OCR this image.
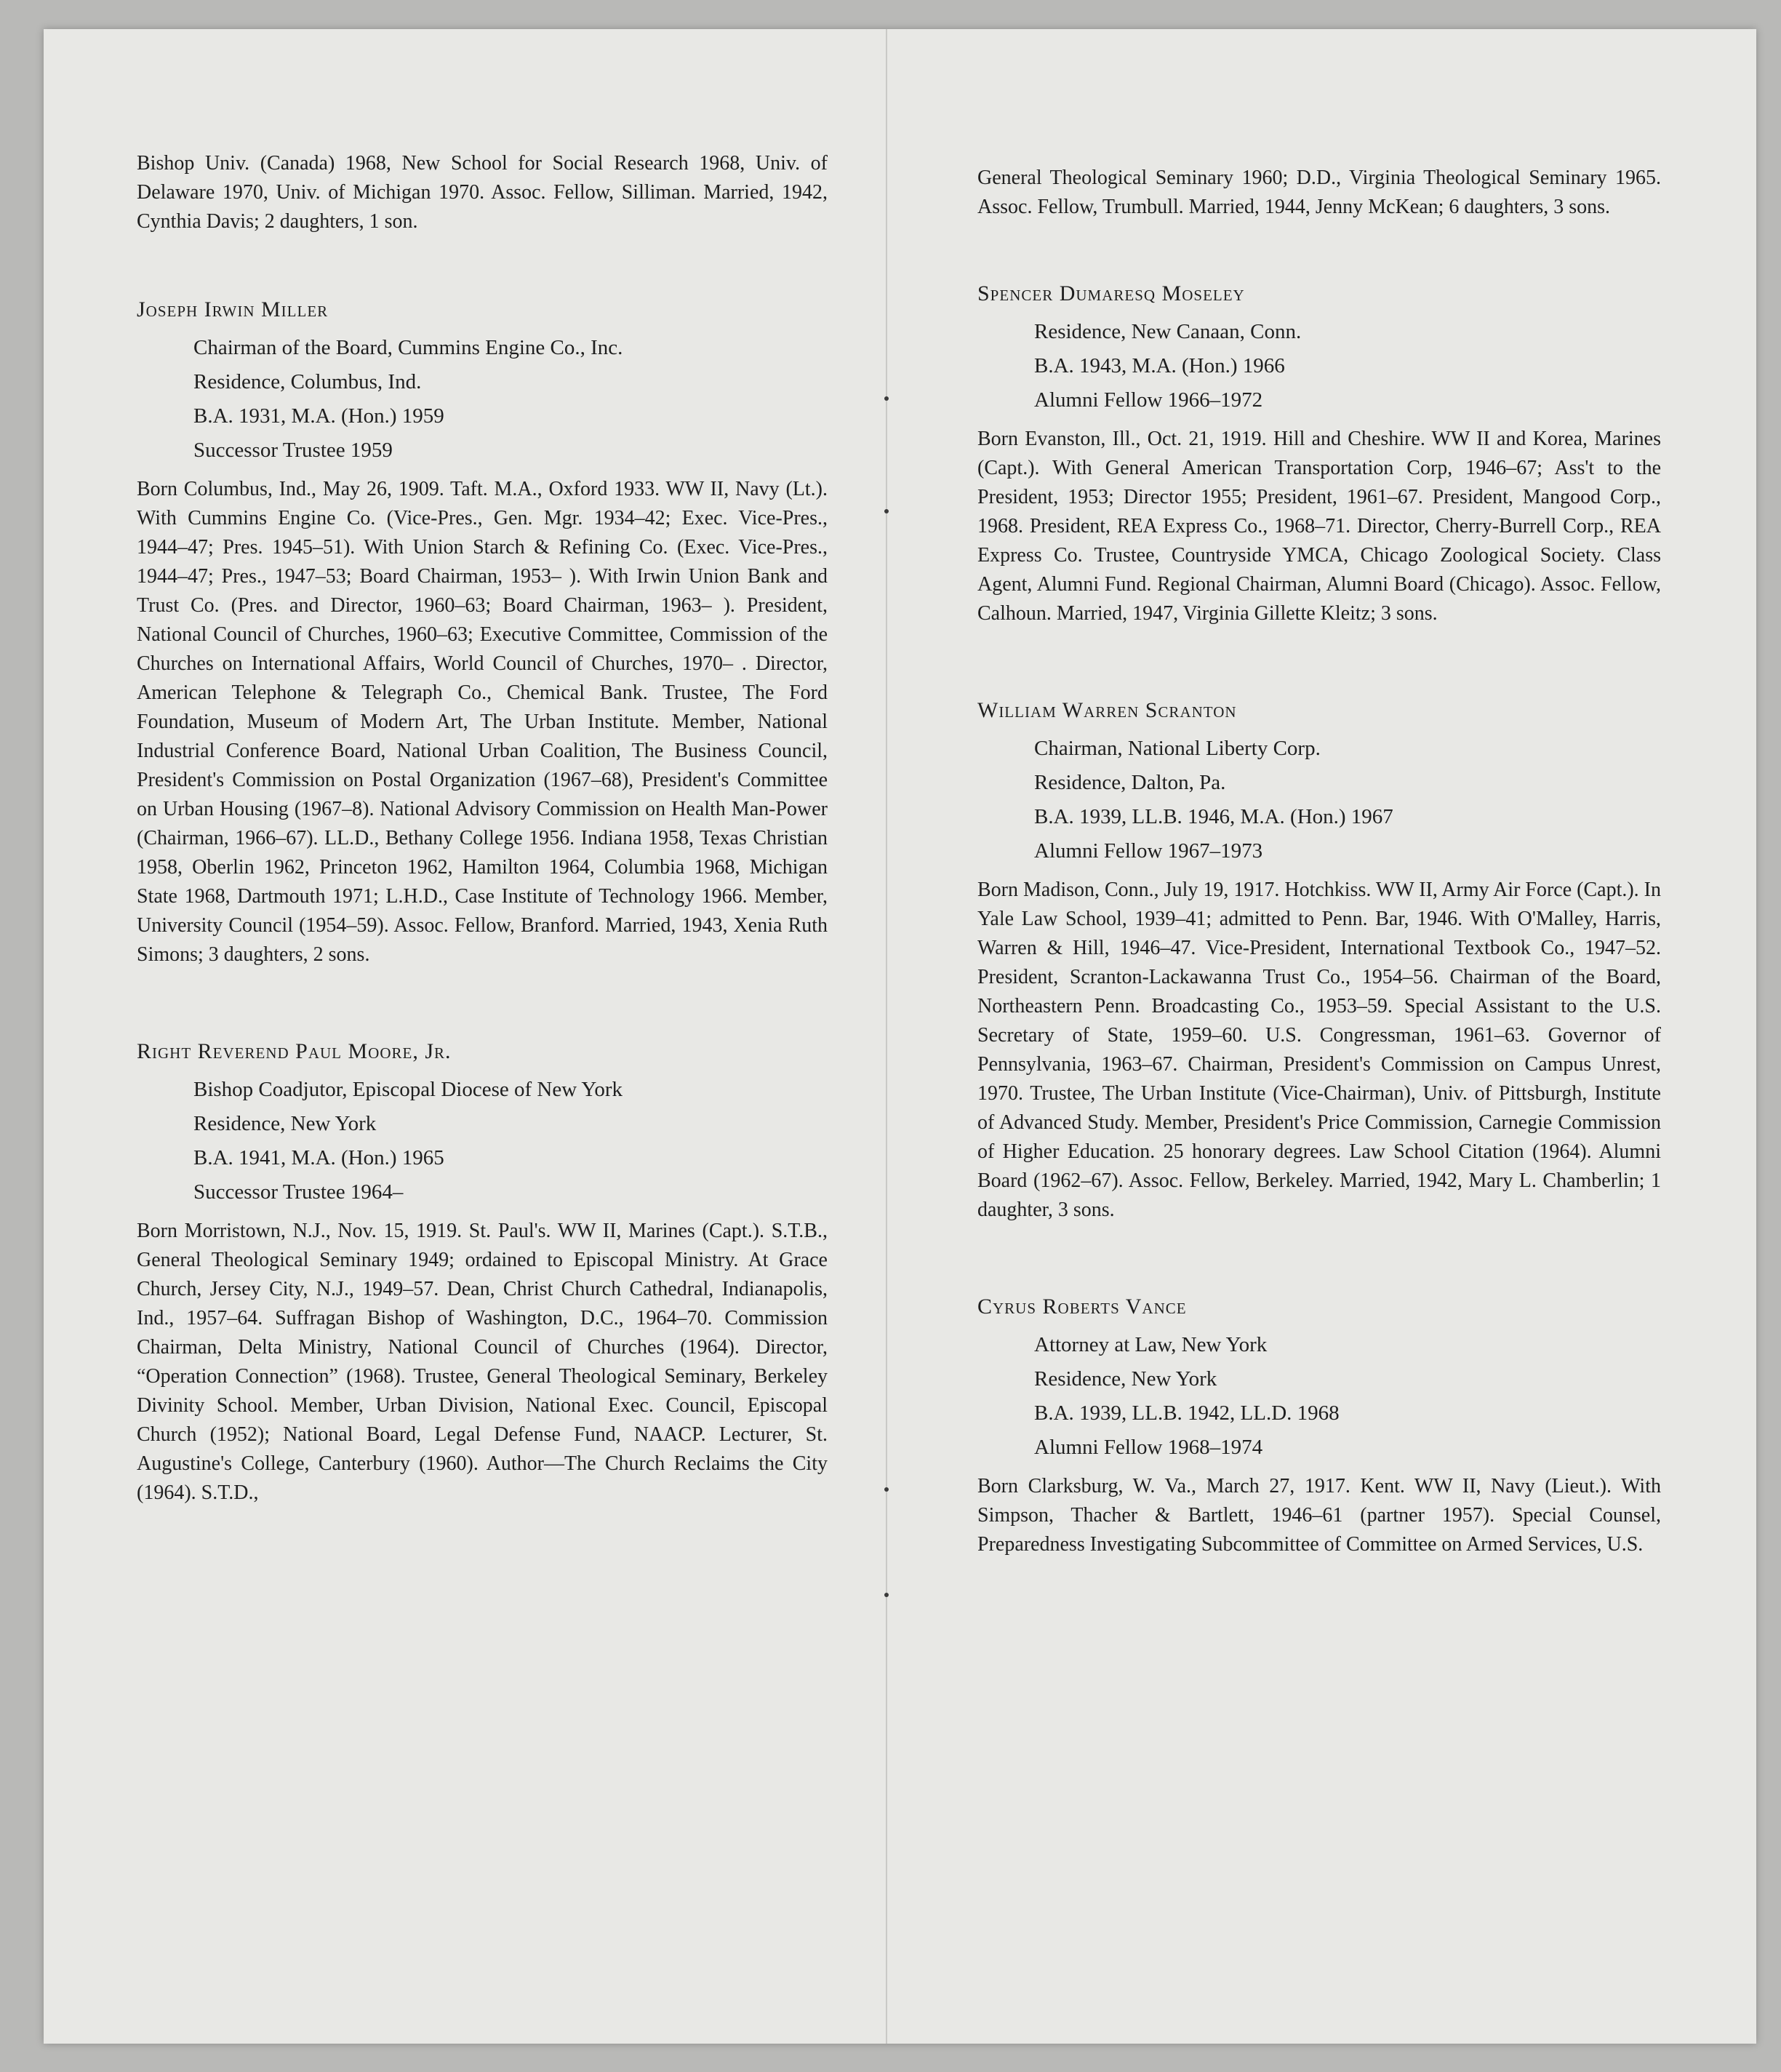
Bishop Univ. (Canada) 1968, New School for Social Research 1968, Univ. of Delaware 1970, Univ. of Michigan 1970. Assoc. Fellow, Silliman. Married, 1942, Cynthia Davis; 2 daughters, 1 son.

Joseph Irwin Miller
Chairman of the Board, Cummins Engine Co., Inc.
Residence, Columbus, Ind.
B.A. 1931, M.A. (Hon.) 1959
Successor Trustee 1959

Born Columbus, Ind., May 26, 1909. Taft. M.A., Oxford 1933. WW II, Navy (Lt.). With Cummins Engine Co. (Vice-Pres., Gen. Mgr. 1934–42; Exec. Vice-Pres., 1944–47; Pres. 1945–51). With Union Starch & Refining Co. (Exec. Vice-Pres., 1944–47; Pres., 1947–53; Board Chairman, 1953– ). With Irwin Union Bank and Trust Co. (Pres. and Director, 1960–63; Board Chairman, 1963– ). President, National Council of Churches, 1960–63; Executive Committee, Commission of the Churches on International Affairs, World Council of Churches, 1970– . Director, American Telephone & Telegraph Co., Chemical Bank. Trustee, The Ford Foundation, Museum of Modern Art, The Urban Institute. Member, National Industrial Conference Board, National Urban Coalition, The Business Council, President's Commission on Postal Organization (1967–68), President's Committee on Urban Housing (1967–8). National Advisory Commission on Health Man-Power (Chairman, 1966–67). LL.D., Bethany College 1956. Indiana 1958, Texas Christian 1958, Oberlin 1962, Princeton 1962, Hamilton 1964, Columbia 1968, Michigan State 1968, Dartmouth 1971; L.H.D., Case Institute of Technology 1966. Member, University Council (1954–59). Assoc. Fellow, Branford. Married, 1943, Xenia Ruth Simons; 3 daughters, 2 sons.

Right Reverend Paul Moore, Jr.
Bishop Coadjutor, Episcopal Diocese of New York
Residence, New York
B.A. 1941, M.A. (Hon.) 1965
Successor Trustee 1964–

Born Morristown, N.J., Nov. 15, 1919. St. Paul's. WW II, Marines (Capt.). S.T.B., General Theological Seminary 1949; ordained to Episcopal Ministry. At Grace Church, Jersey City, N.J., 1949–57. Dean, Christ Church Cathedral, Indianapolis, Ind., 1957–64. Suffragan Bishop of Washington, D.C., 1964–70. Commission Chairman, Delta Ministry, National Council of Churches (1964). Director, “Operation Connection” (1968). Trustee, General Theological Seminary, Berkeley Divinity School. Member, Urban Division, National Exec. Council, Episcopal Church (1952); National Board, Legal Defense Fund, NAACP. Lecturer, St. Augustine's College, Canterbury (1960). Author—The Church Reclaims the City (1964). S.T.D.,

General Theological Seminary 1960; D.D., Virginia Theological Seminary 1965. Assoc. Fellow, Trumbull. Married, 1944, Jenny McKean; 6 daughters, 3 sons.

Spencer Dumaresq Moseley
Residence, New Canaan, Conn.
B.A. 1943, M.A. (Hon.) 1966
Alumni Fellow 1966–1972

Born Evanston, Ill., Oct. 21, 1919. Hill and Cheshire. WW II and Korea, Marines (Capt.). With General American Transportation Corp, 1946–67; Ass't to the President, 1953; Director 1955; President, 1961–67. President, Mangood Corp., 1968. President, REA Express Co., 1968–71. Director, Cherry-Burrell Corp., REA Express Co. Trustee, Countryside YMCA, Chicago Zoological Society. Class Agent, Alumni Fund. Regional Chairman, Alumni Board (Chicago). Assoc. Fellow, Calhoun. Married, 1947, Virginia Gillette Kleitz; 3 sons.

William Warren Scranton
Chairman, National Liberty Corp.
Residence, Dalton, Pa.
B.A. 1939, LL.B. 1946, M.A. (Hon.) 1967
Alumni Fellow 1967–1973

Born Madison, Conn., July 19, 1917. Hotchkiss. WW II, Army Air Force (Capt.). In Yale Law School, 1939–41; admitted to Penn. Bar, 1946. With O'Malley, Harris, Warren & Hill, 1946–47. Vice-President, International Textbook Co., 1947–52. President, Scranton-Lackawanna Trust Co., 1954–56. Chairman of the Board, Northeastern Penn. Broadcasting Co., 1953–59. Special Assistant to the U.S. Secretary of State, 1959–60. U.S. Congressman, 1961–63. Governor of Pennsylvania, 1963–67. Chairman, President's Commission on Campus Unrest, 1970. Trustee, The Urban Institute (Vice-Chairman), Univ. of Pittsburgh, Institute of Advanced Study. Member, President's Price Commission, Carnegie Commission of Higher Education. 25 honorary degrees. Law School Citation (1964). Alumni Board (1962–67). Assoc. Fellow, Berkeley. Married, 1942, Mary L. Chamberlin; 1 daughter, 3 sons.

Cyrus Roberts Vance
Attorney at Law, New York
Residence, New York
B.A. 1939, LL.B. 1942, LL.D. 1968
Alumni Fellow 1968–1974

Born Clarksburg, W. Va., March 27, 1917. Kent. WW II, Navy (Lieut.). With Simpson, Thacher & Bartlett, 1946–61 (partner 1957). Special Counsel, Preparedness Investigating Subcommittee of Committee on Armed Services, U.S.
